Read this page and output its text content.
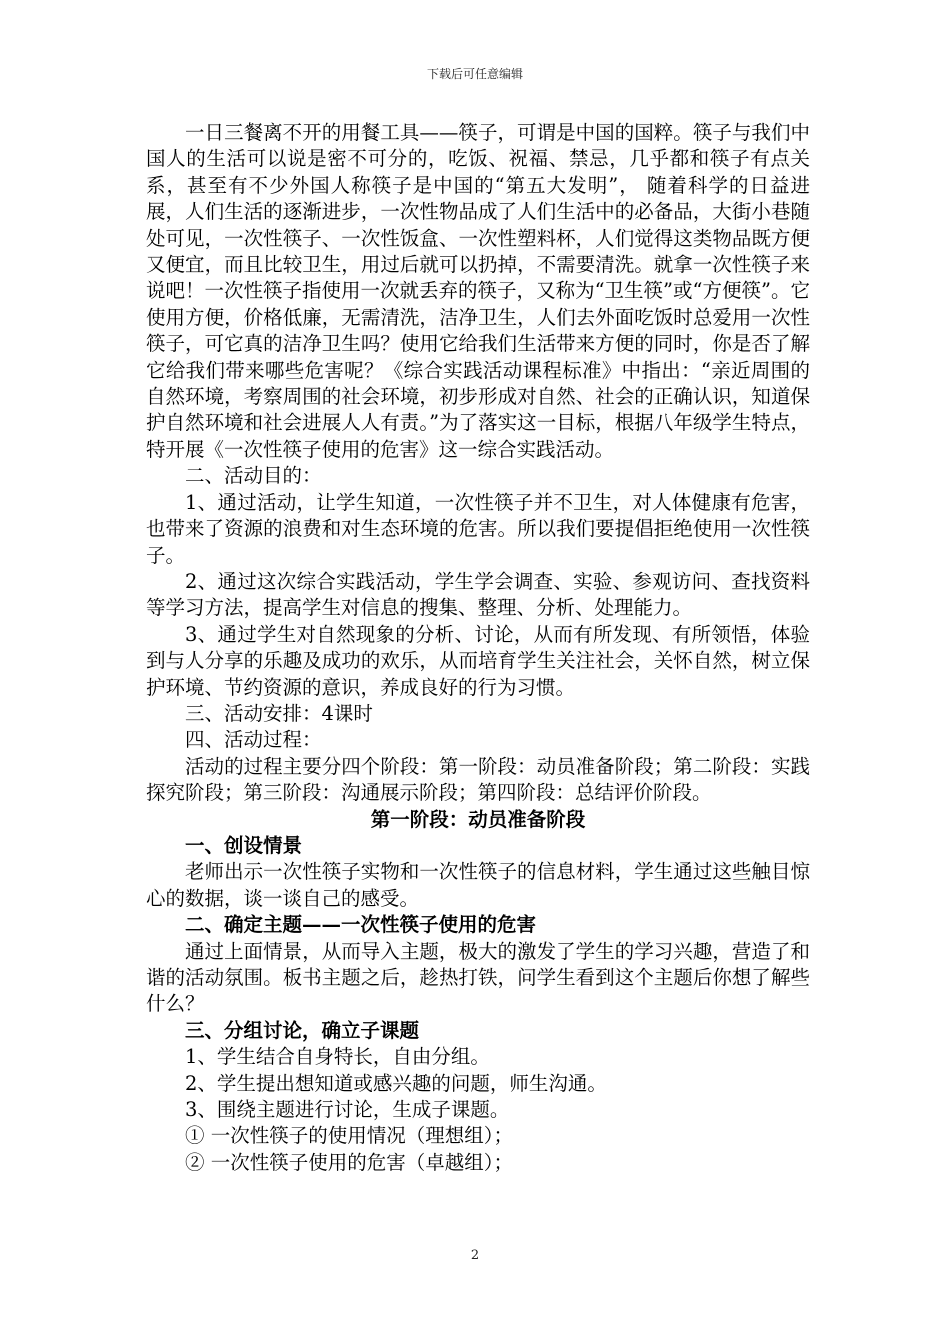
下载后可任意编辑

一日三餐离不开的用餐工具——筷子，可谓是中国的国粹。筷子与我们中国人的生活可以说是密不可分的，吃饭、祝福、禁忌，几乎都和筷子有点关系，甚至有不少外国人称筷子是中国的“第五大发明”， 随着科学的日益进展，人们生活的逐渐进步，一次性物品成了人们生活中的必备品，大街小巷随处可见，一次性筷子、一次性饭盒、一次性塑料杯，人们觉得这类物品既方便又便宜，而且比较卫生，用过后就可以扔掉，不需要清洗。就拿一次性筷子来说吧！一次性筷子指使用一次就丢弃的筷子，又称为“卫生筷”或“方便筷”。它使用方便，价格低廉，无需清洗，洁净卫生，人们去外面吃饭时总爱用一次性筷子，可它真的洁净卫生吗？使用它给我们生活带来方便的同时，你是否了解它给我们带来哪些危害呢？《综合实践活动课程标准》中指出：“亲近周围的自然环境，考察周围的社会环境，初步形成对自然、社会的正确认识，知道保护自然环境和社会进展人人有责。”为了落实这一目标，根据八年级学生特点，特开展《一次性筷子使用的危害》这一综合实践活动。

二、活动目的：

1、通过活动，让学生知道，一次性筷子并不卫生，对人体健康有危害，也带来了资源的浪费和对生态环境的危害。所以我们要提倡拒绝使用一次性筷子。

2、通过这次综合实践活动，学生学会调查、实验、参观访问、查找资料等学习方法，提高学生对信息的搜集、整理、分析、处理能力。

3、通过学生对自然现象的分析、讨论，从而有所发现、有所领悟，体验到与人分享的乐趣及成功的欢乐，从而培育学生关注社会，关怀自然，树立保护环境、节约资源的意识，养成良好的行为习惯。

三、活动安排：4课时

四、活动过程：

活动的过程主要分四个阶段：第一阶段：动员准备阶段；第二阶段：实践探究阶段；第三阶段：沟通展示阶段；第四阶段：总结评价阶段。

第一阶段：动员准备阶段

一、创设情景

老师出示一次性筷子实物和一次性筷子的信息材料，学生通过这些触目惊心的数据，谈一谈自己的感受。

二、确定主题——一次性筷子使用的危害

通过上面情景，从而导入主题，极大的激发了学生的学习兴趣，营造了和谐的活动氛围。板书主题之后，趁热打铁，问学生看到这个主题后你想了解些什么？

三、分组讨论，确立子课题

1、学生结合自身特长，自由分组。

2、学生提出想知道或感兴趣的问题，师生沟通。

3、围绕主题进行讨论，生成子课题。

① 一次性筷子的使用情况（理想组）；

② 一次性筷子使用的危害（卓越组）；

2
